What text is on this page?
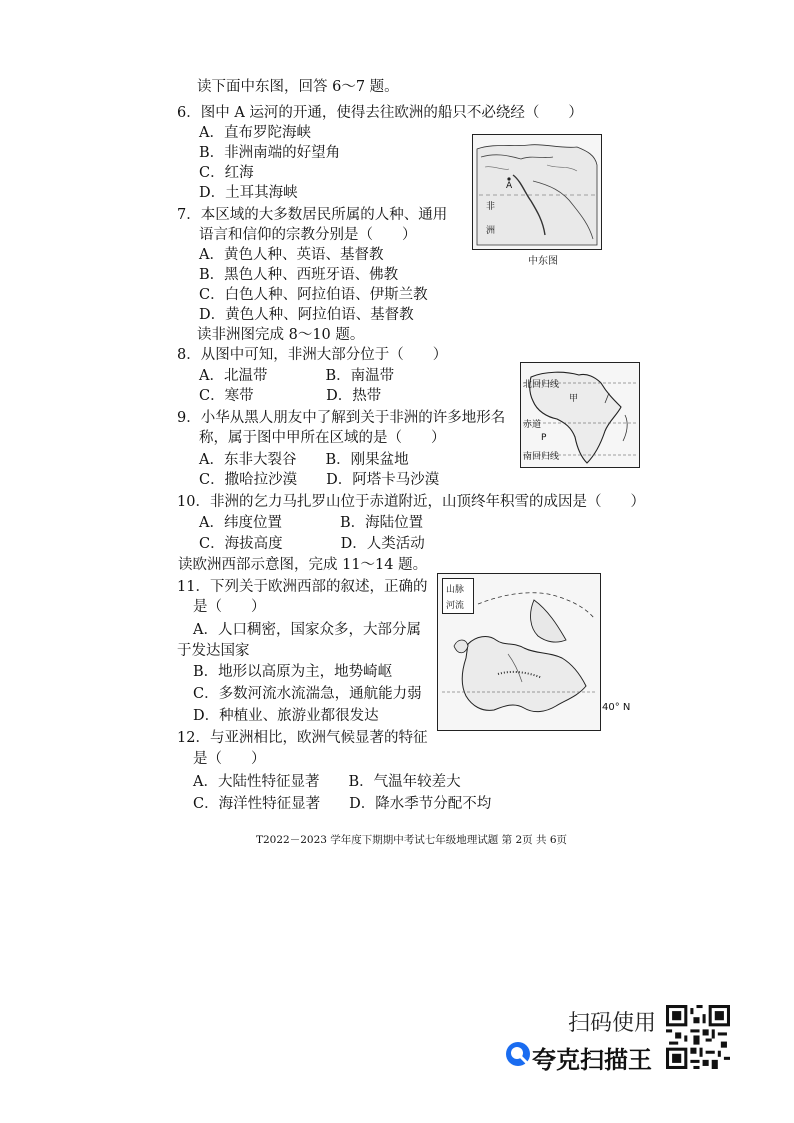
读下面中东图，回答 6～7 题。
6．图中 A 运河的开通，使得去往欧洲的船只不必绕经（　　）
A．直布罗陀海峡
B．非洲南端的好望角
C．红海
D．土耳其海峡
7．本区域的大多数居民所属的人种、通用
语言和信仰的宗教分别是（　　）
A．黄色人种、英语、基督教
B．黑色人种、西班牙语、佛教
C．白色人种、阿拉伯语、伊斯兰教
D．黄色人种、阿拉伯语、基督教
读非洲图完成 8～10 题。
8．从图中可知，非洲大部分位于（　　）
A．北温带　　　　B．南温带
C．寒带　　　　　D．热带
9．小华从黑人朋友中了解到关于非洲的许多地形名
称，属于图中甲所在区域的是（　　）
A．东非大裂谷　　B．刚果盆地
C．撒哈拉沙漠　　D．阿塔卡马沙漠
10．非洲的乞力马扎罗山位于赤道附近，山顶终年积雪的成因是（　　）
A．纬度位置　　　　B．海陆位置
C．海拔高度　　　　D．人类活动
读欧洲西部示意图，完成 11～14 题。
11．下列关于欧洲西部的叙述，正确的
是（　　）
A．人口稠密，国家众多，大部分属
于发达国家
B．地形以高原为主，地势崎岖
C．多数河流水流湍急，通航能力弱
D．种植业、旅游业都很发达
12．与亚洲相比，欧洲气候显著的特征
是（　　）
A．大陆性特征显著　　B．气温年较差大
C．海洋性特征显著　　D．降水季节分配不均
A
非
洲
中东图
北回归线
甲
赤道
P
南回归线
山脉
河流
40° N
T2022－2023 学年度下期期中考试七年级地理试题 第 2页 共 6页
扫码使用
夸克扫描王
